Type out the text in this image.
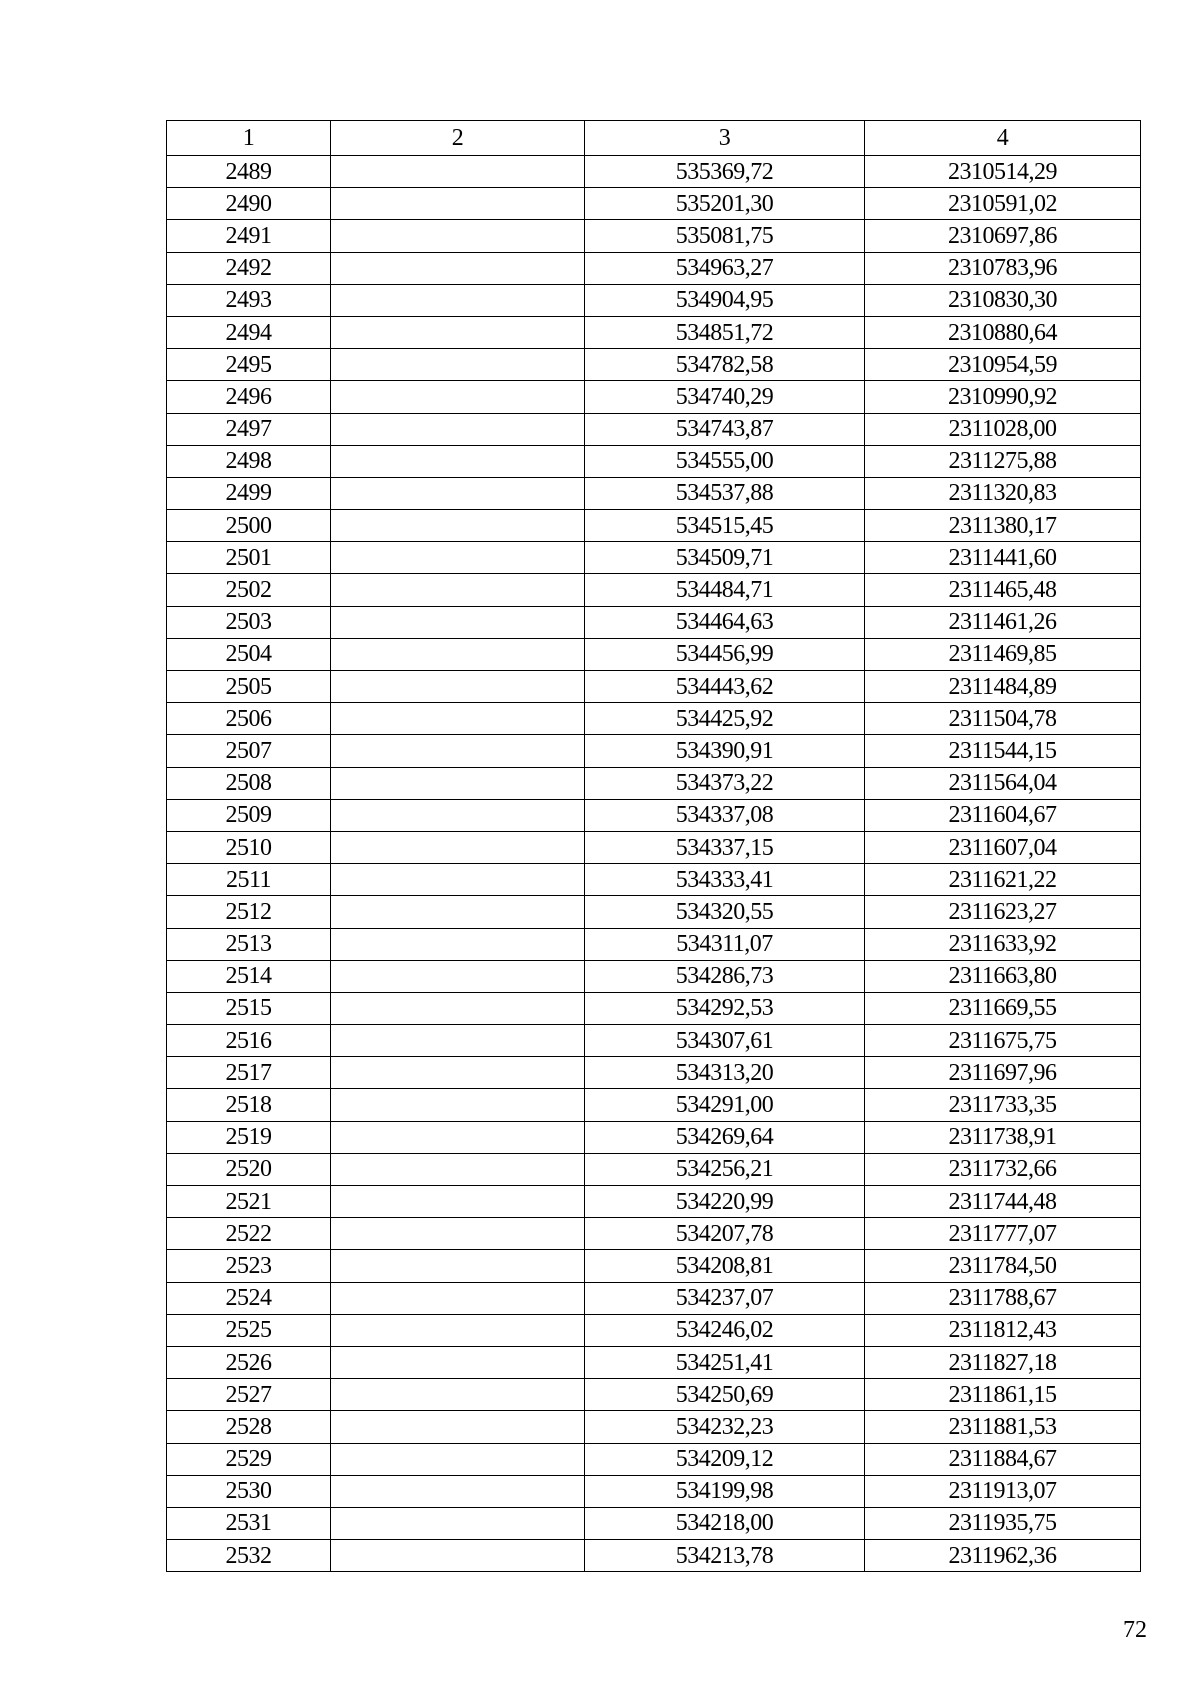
1	2	3	4
2489		535369,72	2310514,29
2490		535201,30	2310591,02
2491		535081,75	2310697,86
2492		534963,27	2310783,96
2493		534904,95	2310830,30
2494		534851,72	2310880,64
2495		534782,58	2310954,59
2496		534740,29	2310990,92
2497		534743,87	2311028,00
2498		534555,00	2311275,88
2499		534537,88	2311320,83
2500		534515,45	2311380,17
2501		534509,71	2311441,60
2502		534484,71	2311465,48
2503		534464,63	2311461,26
2504		534456,99	2311469,85
2505		534443,62	2311484,89
2506		534425,92	2311504,78
2507		534390,91	2311544,15
2508		534373,22	2311564,04
2509		534337,08	2311604,67
2510		534337,15	2311607,04
2511		534333,41	2311621,22
2512		534320,55	2311623,27
2513		534311,07	2311633,92
2514		534286,73	2311663,80
2515		534292,53	2311669,55
2516		534307,61	2311675,75
2517		534313,20	2311697,96
2518		534291,00	2311733,35
2519		534269,64	2311738,91
2520		534256,21	2311732,66
2521		534220,99	2311744,48
2522		534207,78	2311777,07
2523		534208,81	2311784,50
2524		534237,07	2311788,67
2525		534246,02	2311812,43
2526		534251,41	2311827,18
2527		534250,69	2311861,15
2528		534232,23	2311881,53
2529		534209,12	2311884,67
2530		534199,98	2311913,07
2531		534218,00	2311935,75
2532		534213,78	2311962,36
72
